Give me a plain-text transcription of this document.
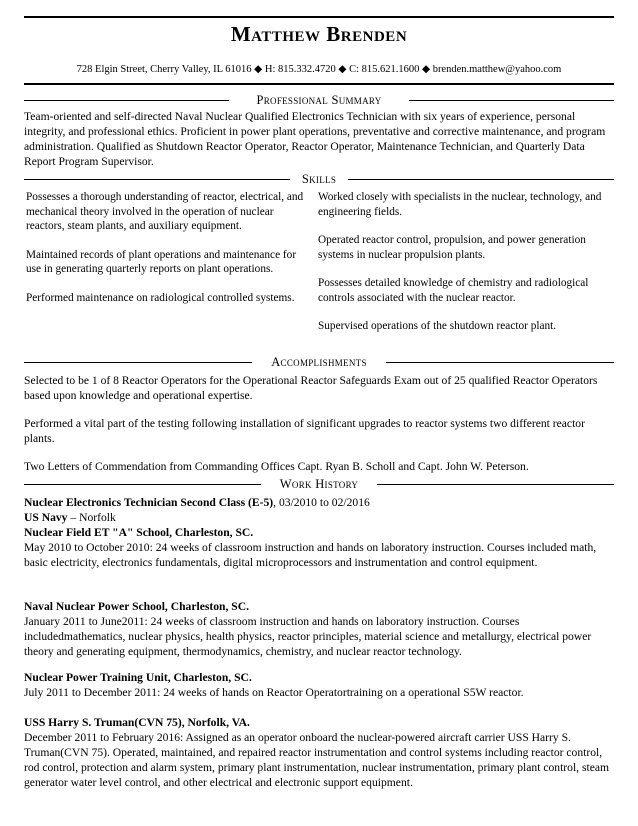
Matthew Brenden
728 Elgin Street, Cherry Valley, IL 61016 ◆ H: 815.332.4720 ◆ C: 815.621.1600 ◆ brenden.matthew@yahoo.com
Professional Summary
Team-oriented and self-directed Naval Nuclear Qualified Electronics Technician with six years of experience, personal integrity, and professional ethics. Proficient in power plant operations, preventative and corrective maintenance, and program administration. Qualified as Shutdown Reactor Operator, Reactor Operator, Maintenance Technician, and Quarterly Data Report Program Supervisor.
Skills

Possesses a thorough understanding of reactor, electrical, and mechanical theory involved in the operation of nuclear reactors, steam plants, and auxiliary equipment.

Maintained records of plant operations and maintenance for use in generating quarterly reports on plant operations.

Performed maintenance on radiological controlled systems.

Worked closely with specialists in the nuclear, technology, and engineering fields.

Operated reactor control, propulsion, and power generation systems in nuclear propulsion plants.

Possesses detailed knowledge of chemistry and radiological controls associated with the nuclear reactor.

Supervised operations of the shutdown reactor plant.

Accomplishments
Selected to be 1 of 8 Reactor Operators for the Operational Reactor Safeguards Exam out of 25 qualified Reactor Operators based upon knowledge and operational expertise.
Performed a vital part of the testing following installation of significant upgrades to reactor systems two different reactor plants.
Two Letters of Commendation from Commanding Offices Capt. Ryan B. Scholl and Capt. John W. Peterson.
Work History
Nuclear Electronics Technician Second Class (E-5), 03/2010 to 02/2016
US Navy – Norfolk
Nuclear Field ET "A" School, Charleston, SC.
May 2010 to October 2010: 24 weeks of classroom instruction and hands on laboratory instruction. Courses included math, basic electricity, electronics fundamentals, digital microprocessors and instrumentation and control equipment.
Naval Nuclear Power School, Charleston, SC.
January 2011 to June2011: 24 weeks of classroom instruction and hands on laboratory instruction. Courses includedmathematics, nuclear physics, health physics, reactor principles, material science and metallurgy, electrical power theory and generating equipment, thermodynamics, chemistry, and nuclear reactor technology.
Nuclear Power Training Unit, Charleston, SC.
July 2011 to December 2011: 24 weeks of hands on Reactor Operatortraining on a operational S5W reactor.
USS Harry S. Truman(CVN 75), Norfolk, VA.
December 2011 to February 2016: Assigned as an operator onboard the nuclear-powered aircraft carrier USS Harry S. Truman(CVN 75). Operated, maintained, and repaired reactor instrumentation and control systems including reactor control, rod control, protection and alarm system, primary plant instrumentation, nuclear instrumentation, primary plant control, steam generator water level control, and other electrical and electronic support equipment.
